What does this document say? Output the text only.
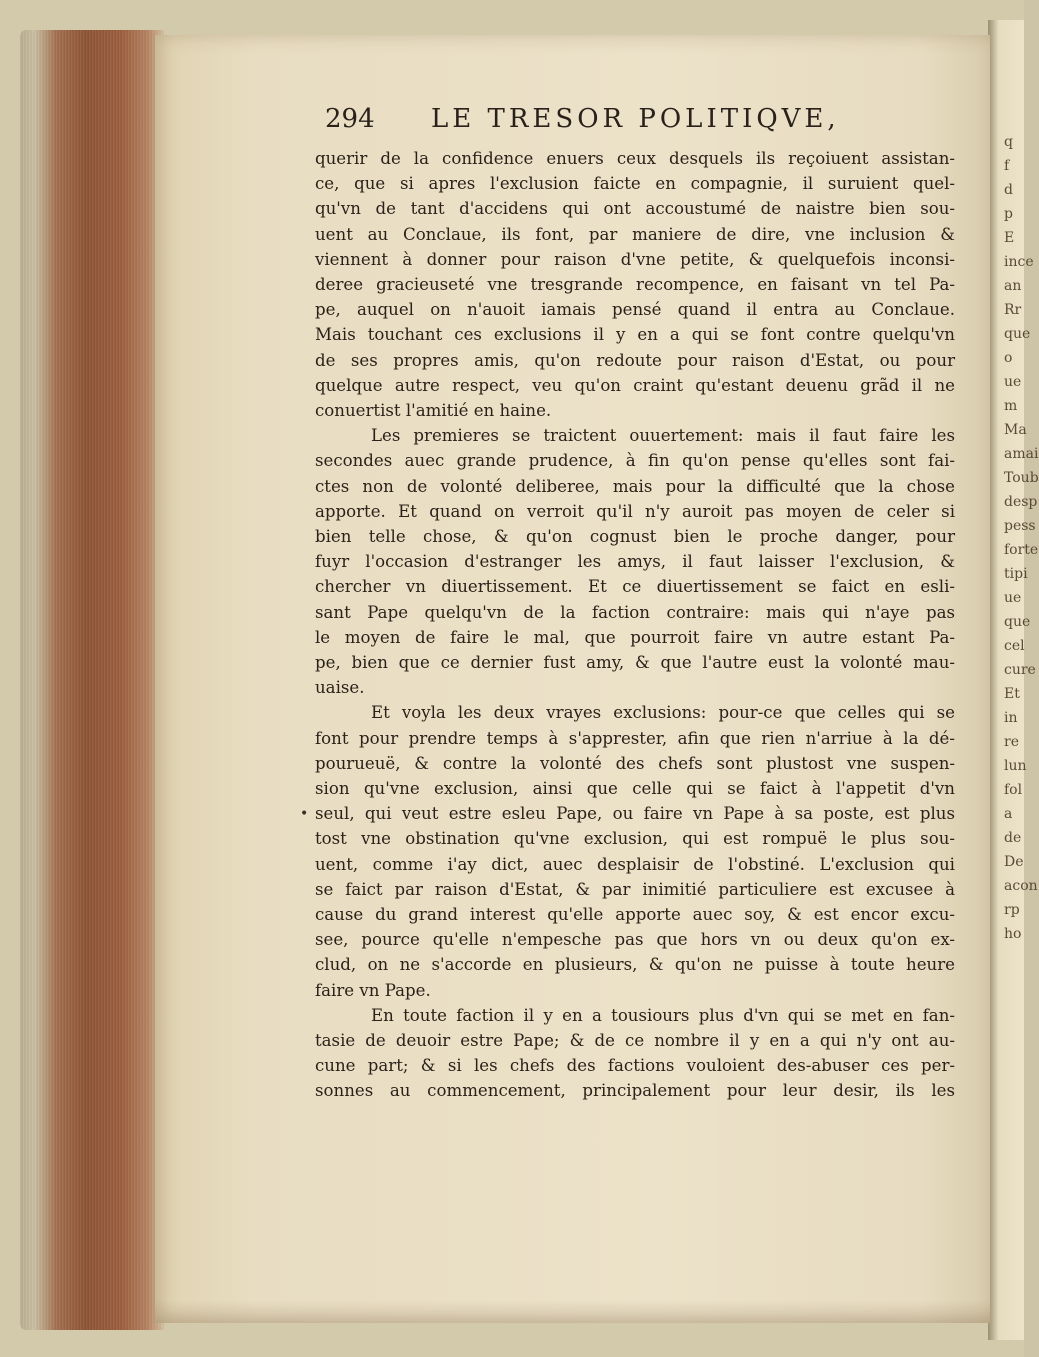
q
f
d
p
E
ince
an
Rr
que
o
ue
m
Ma
amai
Toub
desp
pess
forte
tipi
ue
que
cel
cure
Et
in
re
lun
fol
a
de
De
acon
rp
ho
294 LE TRESOR POLITIQVE,
querir de la confidence enuers ceux desquels ils reçoiuent assistan-
ce, que si apres l'exclusion faicte en compagnie, il suruient quel-
qu'vn de tant d'accidens qui ont accoustumé de naistre bien sou-
uent au Conclaue, ils font, par maniere de dire, vne inclusion &
viennent à donner pour raison d'vne petite, & quelquefois inconsi-
deree gracieuseté vne tresgrande recompence, en faisant vn tel Pa-
pe, auquel on n'auoit iamais pensé quand il entra au Conclaue.
Mais touchant ces exclusions il y en a qui se font contre quelqu'vn
de ses propres amis, qu'on redoute pour raison d'Estat, ou pour
quelque autre respect, veu qu'on craint qu'estant deuenu grãd il ne
conuertist l'amitié en haine.
Les premieres se traictent ouuertement: mais il faut faire les
secondes auec grande prudence, à fin qu'on pense qu'elles sont fai-
ctes non de volonté deliberee, mais pour la difficulté que la chose
apporte. Et quand on verroit qu'il n'y auroit pas moyen de celer si
bien telle chose, & qu'on cognust bien le proche danger, pour
fuyr l'occasion d'estranger les amys, il faut laisser l'exclusion, &
chercher vn diuertissement. Et ce diuertissement se faict en esli-
sant Pape quelqu'vn de la faction contraire: mais qui n'aye pas
le moyen de faire le mal, que pourroit faire vn autre estant Pa-
pe, bien que ce dernier fust amy, & que l'autre eust la volonté mau-
uaise.
Et voyla les deux vrayes exclusions: pour-ce que celles qui se
font pour prendre temps à s'apprester, afin que rien n'arriue à la dé-
pourueuë, & contre la volonté des chefs sont plustost vne suspen-
sion qu'vne exclusion, ainsi que celle qui se faict à l'appetit d'vn
seul, qui veut estre esleu Pape, ou faire vn Pape à sa poste, est plus
tost vne obstination qu'vne exclusion, qui est rompuë le plus sou-
uent, comme i'ay dict, auec desplaisir de l'obstiné. L'exclusion qui
se faict par raison d'Estat, & par inimitié particuliere est excusee à
cause du grand interest qu'elle apporte auec soy, & est encor excu-
see, pource qu'elle n'empesche pas que hors vn ou deux qu'on ex-
clud, on ne s'accorde en plusieurs, & qu'on ne puisse à toute heure
faire vn Pape.
En toute faction il y en a tousiours plus d'vn qui se met en fan-
tasie de deuoir estre Pape; & de ce nombre il y en a qui n'y ont au-
cune part; & si les chefs des factions vouloient des-abuser ces per-
sonnes au commencement, principalement pour leur desir, ils les
•
